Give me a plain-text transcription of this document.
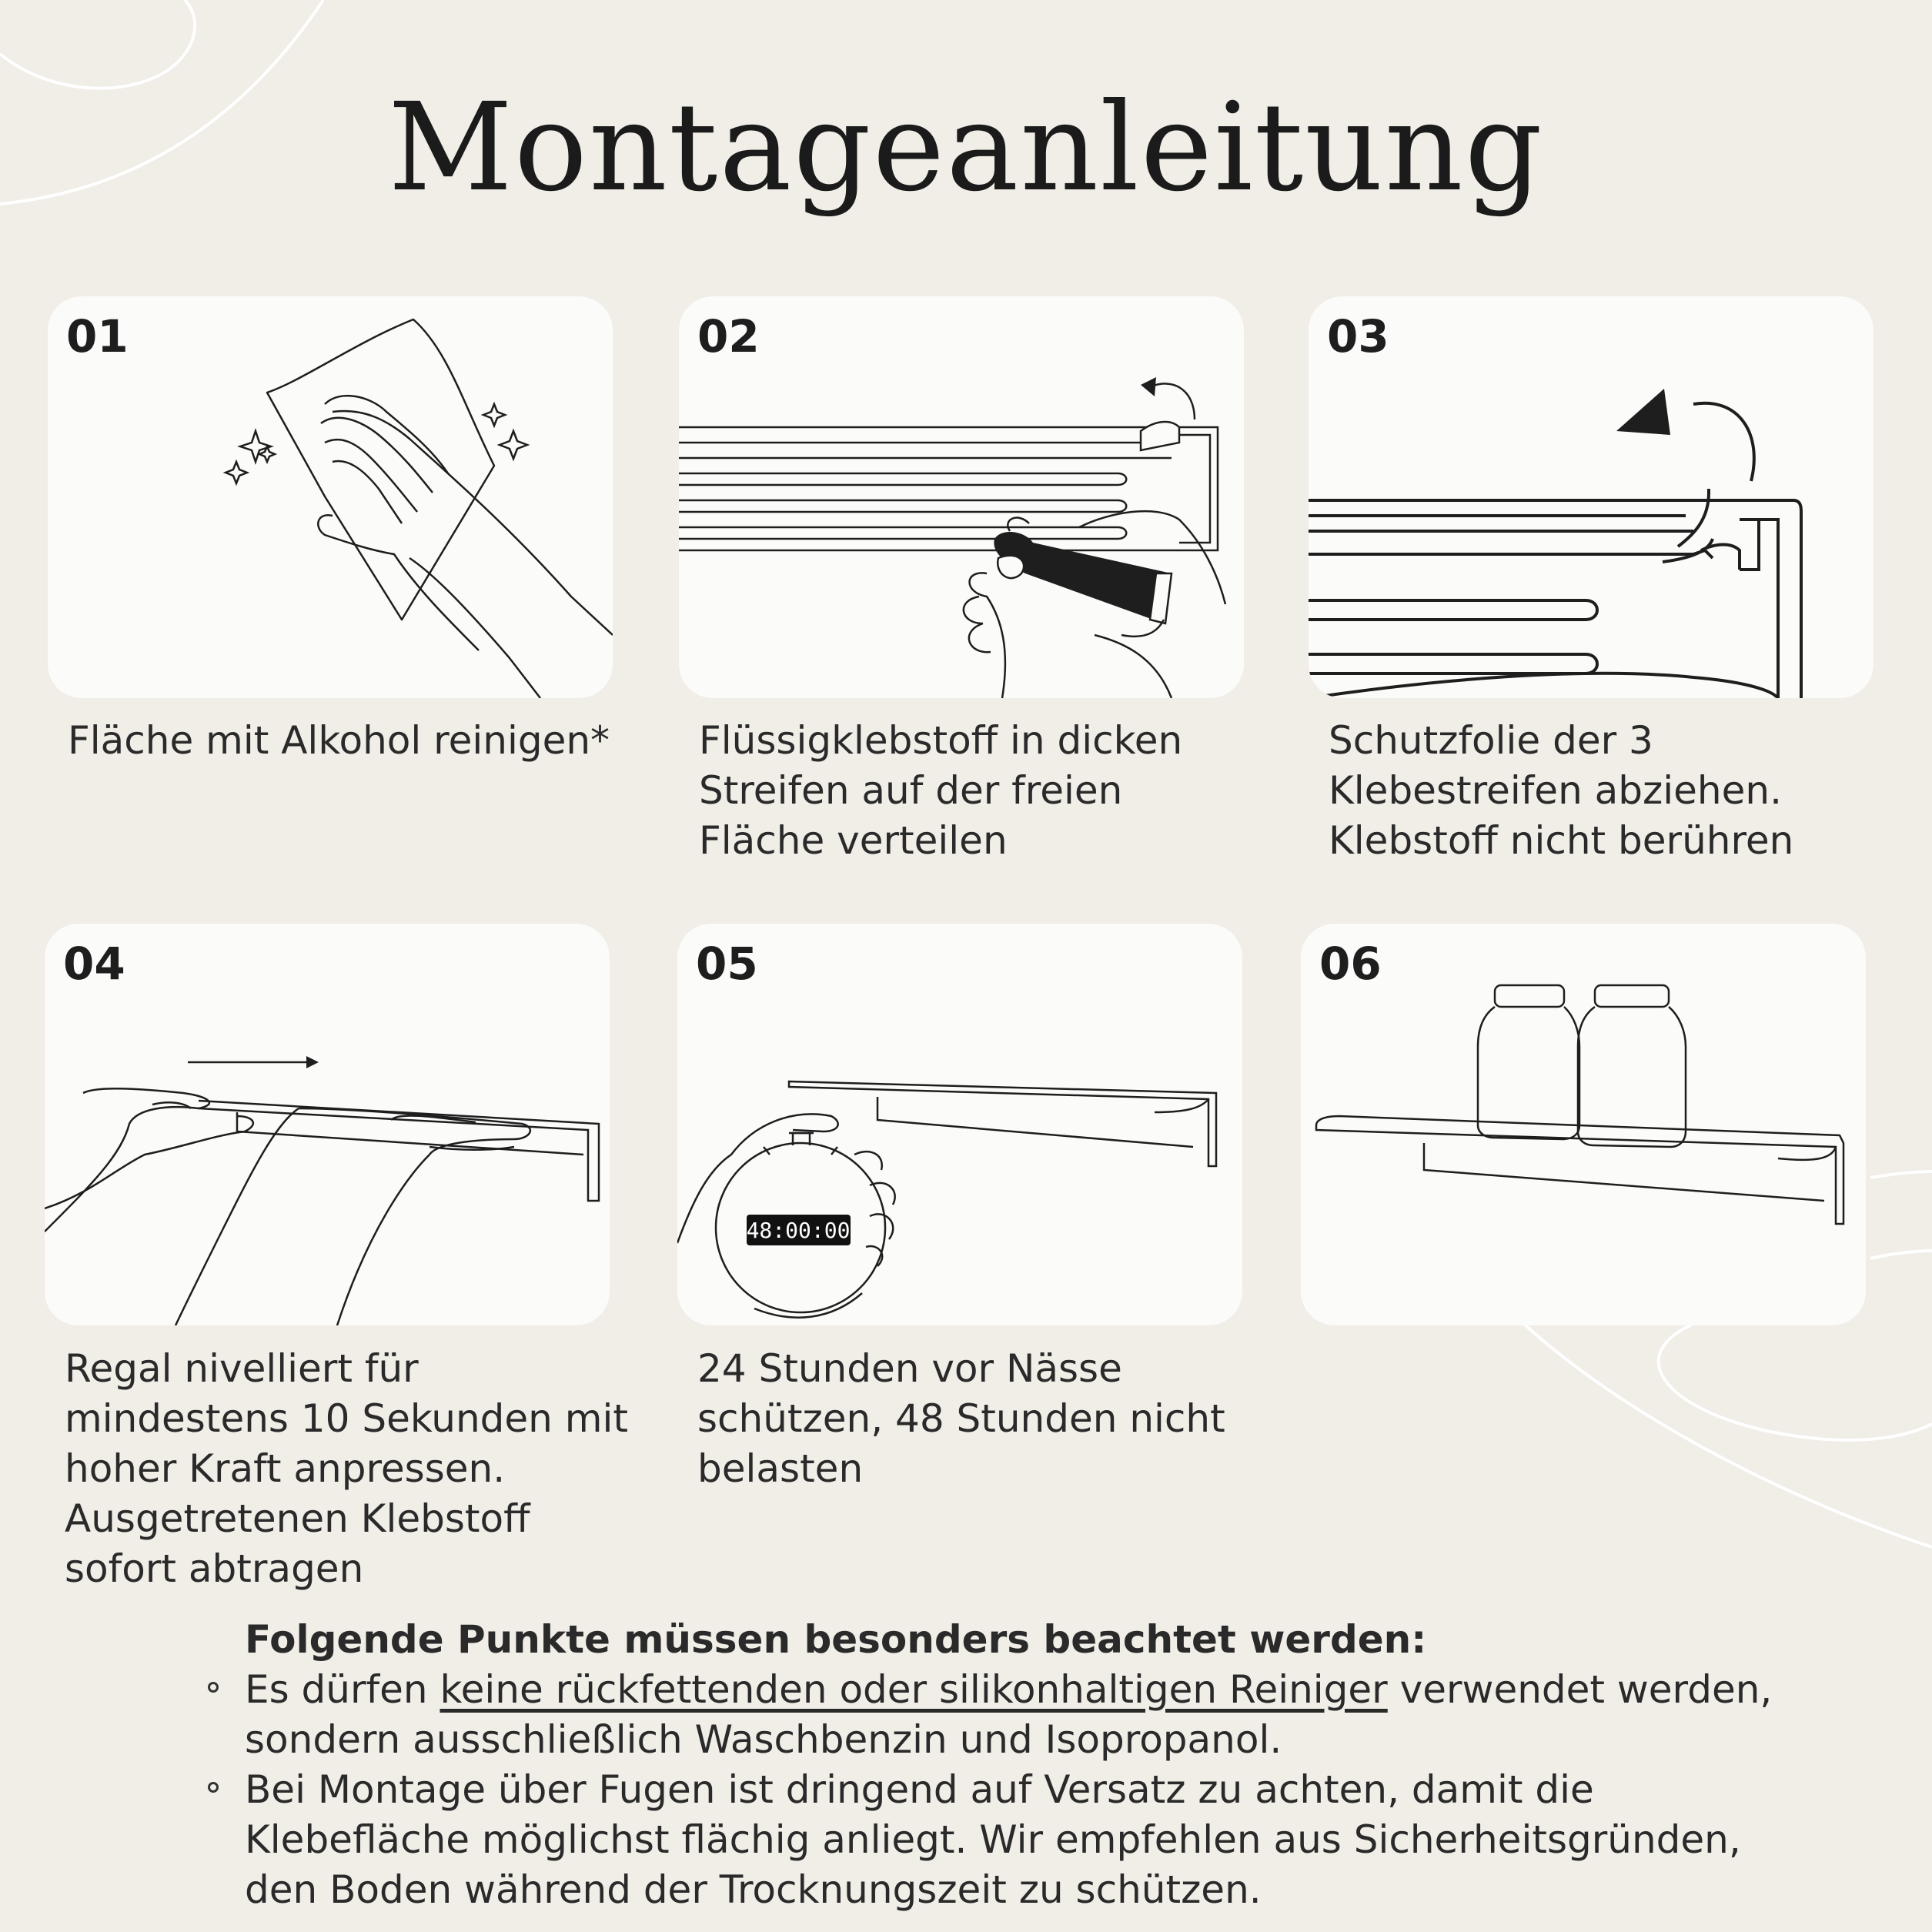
Montageanleitung
01
Fläche mit Alkohol reinigen*
02
Flüssigklebstoff in dicken
Streifen auf der freien
Fläche verteilen
03
Schutzfolie der 3
Klebestreifen abziehen.
Klebstoff nicht berühren
04
Regal nivelliert für
mindestens 10 Sekunden mit
hoher Kraft anpressen.
Ausgetretenen Klebstoff
sofort abtragen
05
48:00:00
24 Stunden vor Nässe
schützen, 48 Stunden nicht
belasten
06
Folgende Punkte müssen besonders beachtet werden:
Es dürfen keine rückfettenden oder silikonhaltigen Reiniger verwendet werden,
sondern ausschließlich Waschbenzin und Isopropanol.
Bei Montage über Fugen ist dringend auf Versatz zu achten, damit die
Klebefläche möglichst flächig anliegt. Wir empfehlen aus Sicherheitsgründen,
den Boden während der Trocknungszeit zu schützen.
